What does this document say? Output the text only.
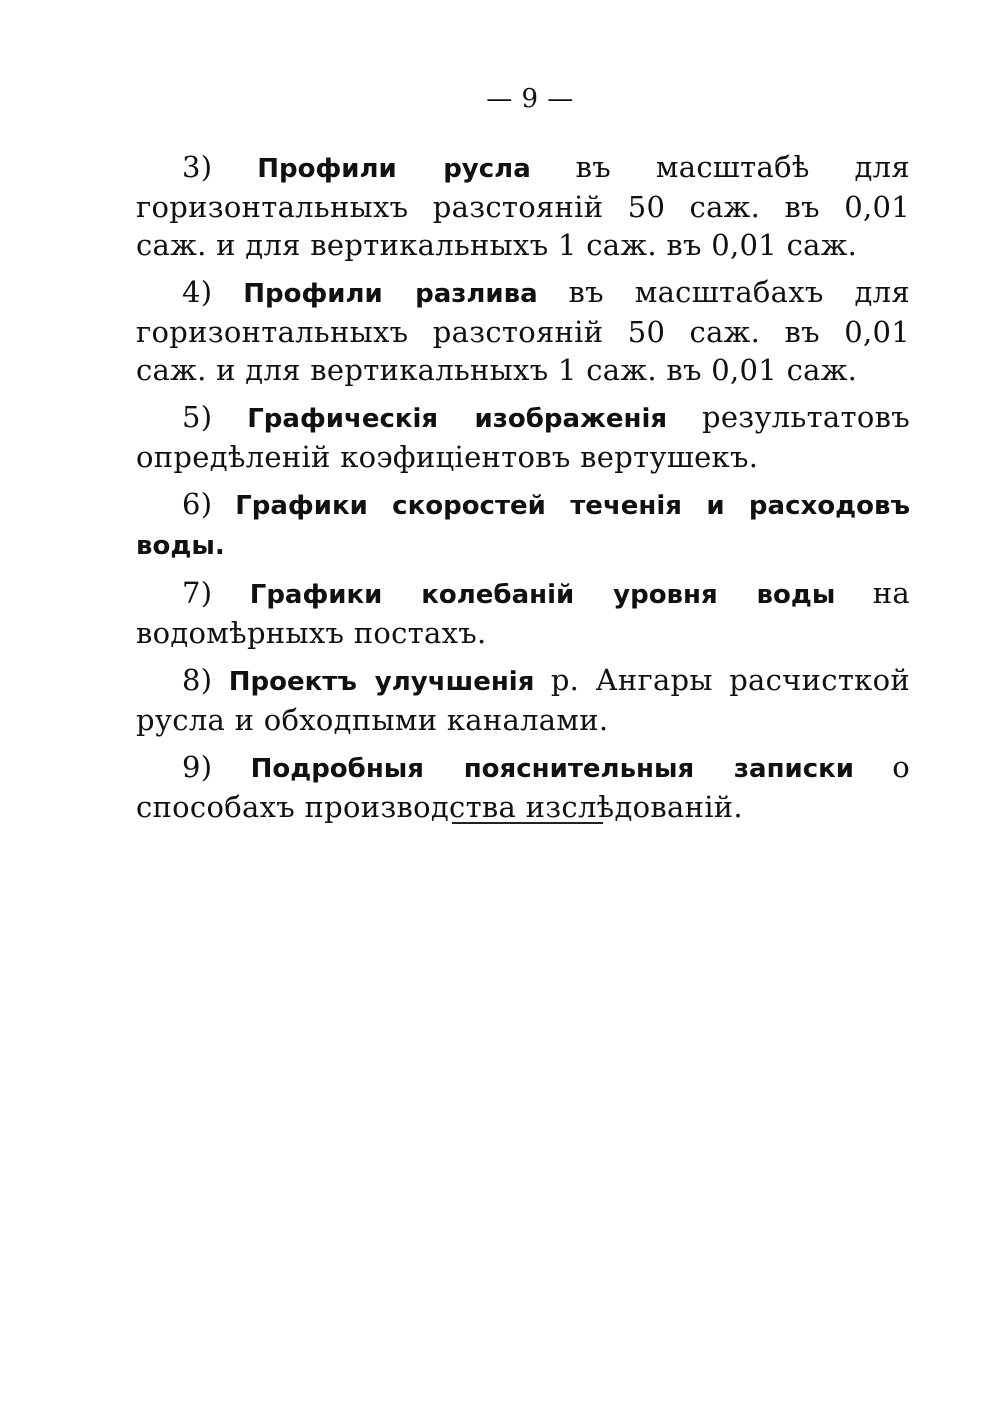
— 9 —

3) Профили русла въ масштабѣ для горизонтальныхъ разстояній 50 саж. въ 0,01 саж. и для вертикальныхъ 1 саж. въ 0,01 саж.

4) Профили разлива въ масштабахъ для горизонтальныхъ разстояній 50 саж. въ 0,01 саж. и для вертикальныхъ 1 саж. въ 0,01 саж.

5) Графическія изображенія результатовъ опредѣленій коэфиціентовъ вертушекъ.

6) Графики скоростей теченія и расходовъ воды.

7) Графики колебаній уровня воды на водомѣрныхъ постахъ.

8) Проектъ улучшенія р. Ангары расчисткой русла и обходпыми каналами.

9) Подробныя пояснительныя записки о способахъ производства изслѣдованій.
